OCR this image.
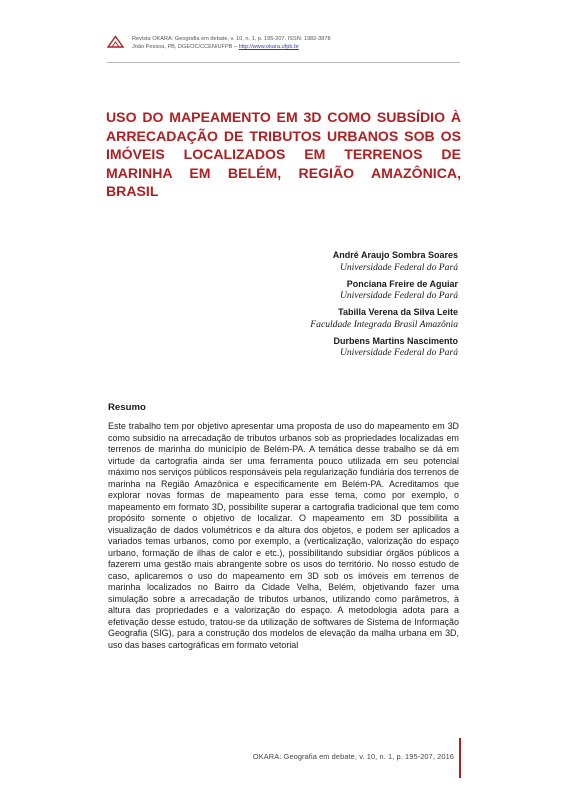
Revista OKARA: Geografia em debate, v. 10, n. 1, p. 195-207. ISSN: 1982-3878
João Pessoa, PB, DGEOC/CCEN/UFPB – http://www.okara.ufpb.br
USO DO MAPEAMENTO EM 3D COMO SUBSÍDIO À ARRECADAÇÃO DE TRIBUTOS URBANOS SOB OS IMÓVEIS LOCALIZADOS EM TERRENOS DE MARINHA EM BELÉM, REGIÃO AMAZÔNICA, BRASIL
André Araujo Sombra Soares
Universidade Federal do Pará
Ponciana Freire de Aguiar
Universidade Federal do Pará
Tabilla Verena da Silva Leite
Faculdade Integrada Brasil Amazônia
Durbens Martins Nascimento
Universidade Federal do Pará
Resumo
Este trabalho tem por objetivo apresentar uma proposta de uso do mapeamento em 3D como subsidio na arrecadação de tributos urbanos sob as propriedades localizadas em terrenos de marinha do município de Belém-PA. A temática desse trabalho se dá em virtude da cartografia ainda ser uma ferramenta pouco utilizada em seu potencial máximo nos serviços públicos responsáveis pela regularização fundiária dos terrenos de marinha na Região Amazônica e especificamente em Belém-PA. Acreditamos que explorar novas formas de mapeamento para esse tema, como por exemplo, o mapeamento em formato 3D, possibilite superar a cartografia tradicional que tem como propósito somente o objetivo de localizar. O mapeamento em 3D possibilita a visualização de dados volumétricos e da altura dos objetos, e podem ser aplicados a variados temas urbanos, como por exemplo, a (verticalização, valorização do espaço urbano, formação de ilhas de calor e etc.), possibilitando subsidiar órgãos públicos a fazerem uma gestão mais abrangente sobre os usos do território. No nosso estudo de caso, aplicaremos o uso do mapeamento em 3D sob os imóveis em terrenos de marinha localizados no Bairro da Cidade Velha, Belém, objetivando fazer uma simulação sobre a arrecadação de tributos urbanos, utilizando como parâmetros, à altura das propriedades e a valorização do espaço. A metodologia adota para a efetivação desse estudo, tratou-se da utilização de softwares de Sistema de Informação Geografia (SIG), para a construção dos modelos de elevação da malha urbana em 3D, uso das bases cartográficas em formato vetorial
OKARA: Geografia em debate, v. 10, n. 1, p. 195-207, 2016
